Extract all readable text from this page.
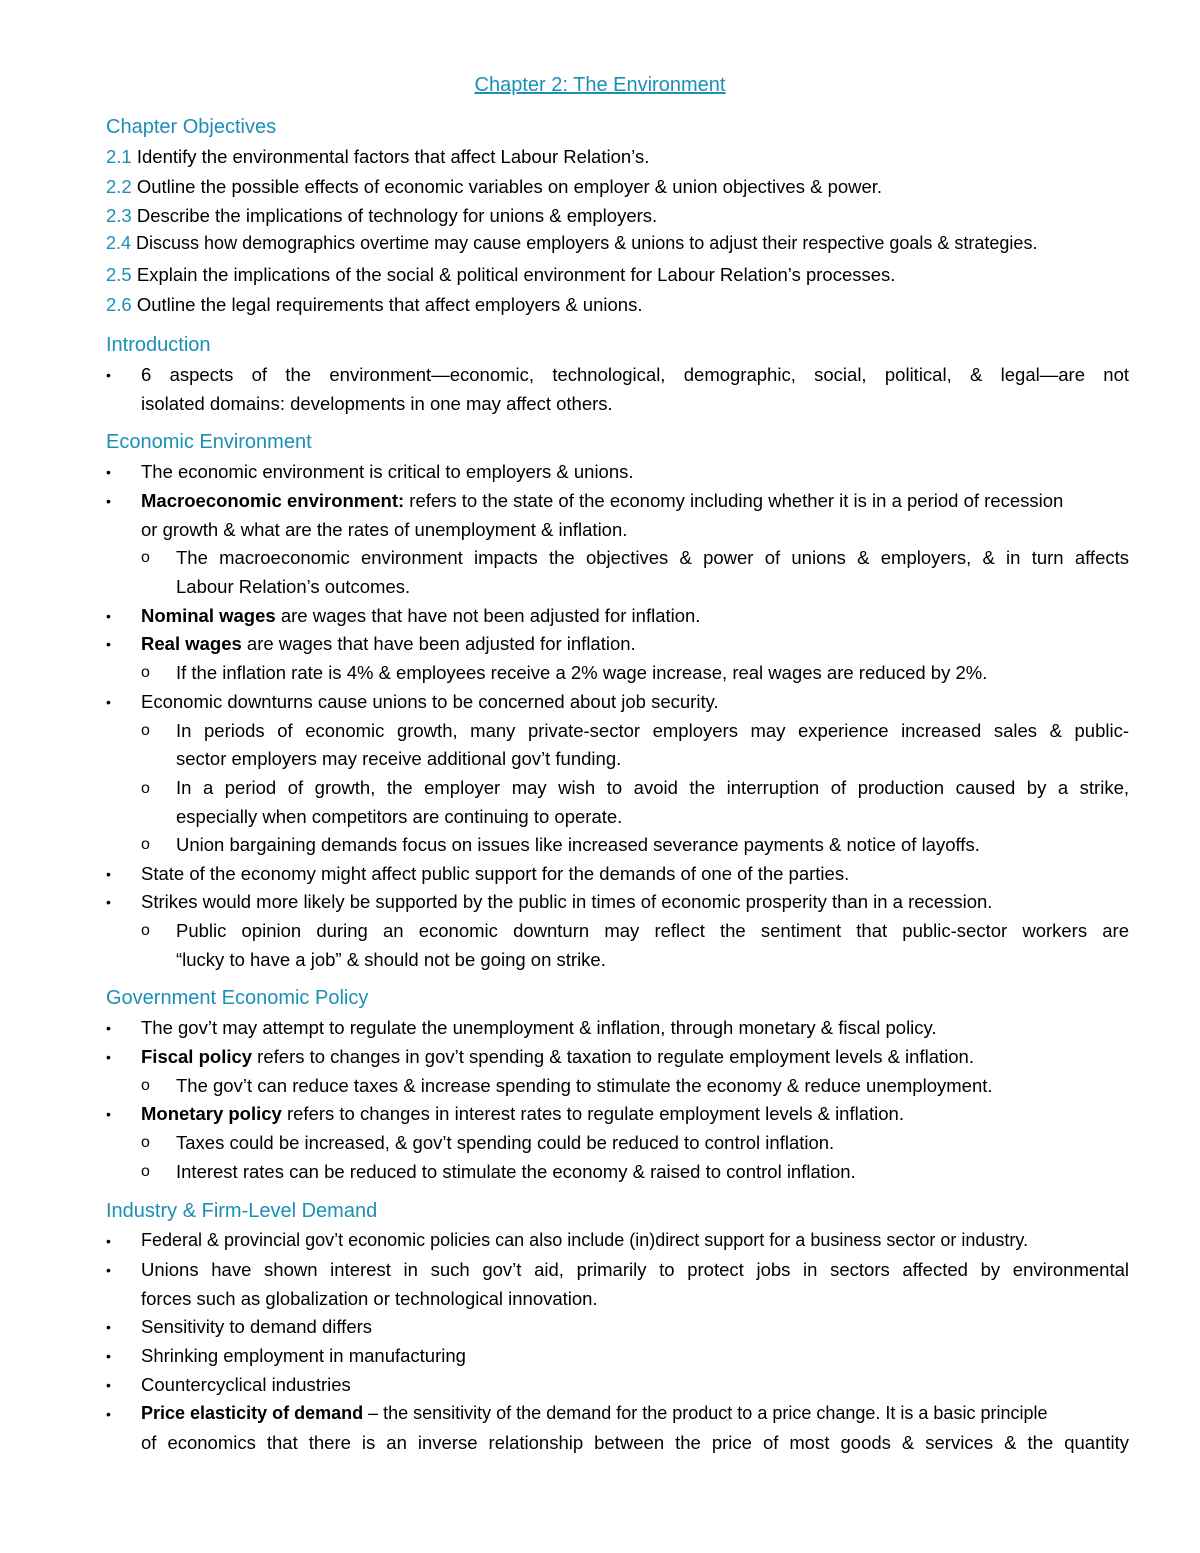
Chapter 2: The Environment
Chapter Objectives
2.1 Identify the environmental factors that affect Labour Relation’s.
2.2 Outline the possible effects of economic variables on employer & union objectives & power.
2.3 Describe the implications of technology for unions & employers.
2.4 Discuss how demographics overtime may cause employers & unions to adjust their respective goals & strategies.
2.5 Explain the implications of the social & political environment for Labour Relation’s processes.
2.6 Outline the legal requirements that affect employers & unions.
Introduction
•	6 aspects of the environment—economic, technological, demographic, social, political, & legal—are not
isolated domains: developments in one may affect others.
Economic Environment
•	The economic environment is critical to employers & unions.
•	Macroeconomic environment: refers to the state of the economy including whether it is in a period of recession
or growth & what are the rates of unemployment & inflation.
o The macroeconomic environment impacts the objectives & power of unions & employers, & in turn affects
Labour Relation’s outcomes.
•	Nominal wages are wages that have not been adjusted for inflation.
•	Real wages are wages that have been adjusted for inflation.
o If the inflation rate is 4% & employees receive a 2% wage increase, real wages are reduced by 2%.
•	Economic downturns cause unions to be concerned about job security.
o In periods of economic growth, many private-sector employers may experience increased sales & public-
sector employers may receive additional gov’t funding.
o In a period of growth, the employer may wish to avoid the interruption of production caused by a strike,
especially when competitors are continuing to operate.
o Union bargaining demands focus on issues like increased severance payments & notice of layoffs.
•	State of the economy might affect public support for the demands of one of the parties.
•	Strikes would more likely be supported by the public in times of economic prosperity than in a recession.
o Public opinion during an economic downturn may reflect the sentiment that public-sector workers are
“lucky to have a job” & should not be going on strike.
Government Economic Policy
•	The gov’t may attempt to regulate the unemployment & inflation, through monetary & fiscal policy.
•	Fiscal policy refers to changes in gov’t spending & taxation to regulate employment levels & inflation.
o The gov’t can reduce taxes & increase spending to stimulate the economy & reduce unemployment.
•	Monetary policy refers to changes in interest rates to regulate employment levels & inflation.
o Taxes could be increased, & gov’t spending could be reduced to control inflation.
o Interest rates can be reduced to stimulate the economy & raised to control inflation.
Industry & Firm-Level Demand
•	Federal & provincial gov’t economic policies can also include (in)direct support for a business sector or industry.
•	Unions have shown interest in such gov’t aid, primarily to protect jobs in sectors affected by environmental
forces such as globalization or technological innovation.
•	Sensitivity to demand differs
•	Shrinking employment in manufacturing
•	Countercyclical industries
•	Price elasticity of demand – the sensitivity of the demand for the product to a price change. It is a basic principle
of economics that there is an inverse relationship between the price of most goods & services & the quantity
